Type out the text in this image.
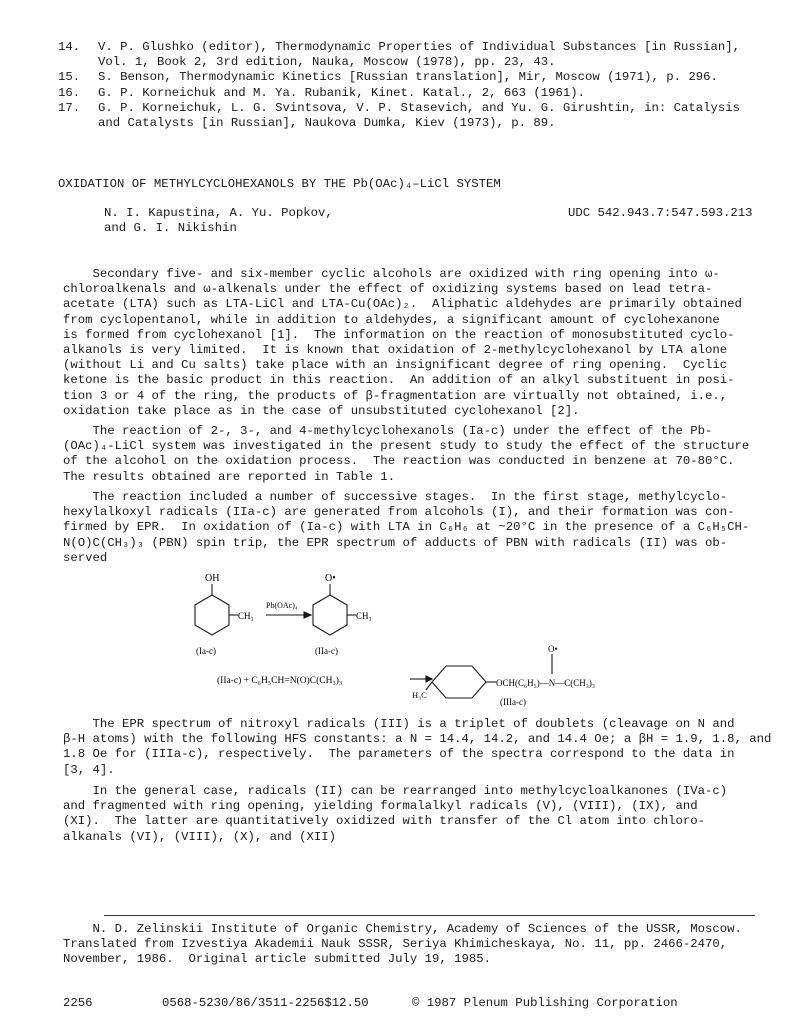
14.	V. P. Glushko (editor), Thermodynamic Properties of Individual Substances [in Russian],
Vol. 1, Book 2, 3rd edition, Nauka, Moscow (1978), pp. 23, 43.
15.	S. Benson, Thermodynamic Kinetics [Russian translation], Mir, Moscow (1971), p. 296.
16.	G. P. Korneichuk and M. Ya. Rubanik, Kinet. Katal., 2, 663 (1961).
17.	G. P. Korneichuk, L. G. Svintsova, V. P. Stasevich, and Yu. G. Girushtin, in: Catalysis
and Catalysts [in Russian], Naukova Dumka, Kiev (1973), p. 89.
OXIDATION OF METHYLCYCLOHEXANOLS BY THE Pb(OAc)₄–LiCl SYSTEM
N. I. Kapustina, A. Yu. Popkov,
and G. I. Nikishin
UDC 542.943.7:547.593.213

Secondary five- and six-member cyclic alcohols are oxidized with ring opening into ω-

chloroalkenals and ω-alkenals under the effect of oxidizing systems based on lead tetra-

acetate (LTA) such as LTA-LiCl and LTA-Cu(OAc)₂.  Aliphatic aldehydes are primarily obtained

from cyclopentanol, while in addition to aldehydes, a significant amount of cyclohexanone

is formed from cyclohexanol [1].  The information on the reaction of monosubstituted cyclo-

alkanols is very limited.  It is known that oxidation of 2-methylcyclohexanol by LTA alone

(without Li and Cu salts) take place with an insignificant degree of ring opening.  Cyclic

ketone is the basic product in this reaction.  An addition of an alkyl substituent in posi-

tion 3 or 4 of the ring, the products of β-fragmentation are virtually not obtained, i.e.,

oxidation take place as in the case of unsubstituted cyclohexanol [2].

The reaction of 2-, 3-, and 4-methylcyclohexanols (Ia-c) under the effect of the Pb-

(OAc)₄-LiCl system was investigated in the present study to study the effect of the structure

of the alcohol on the oxidation process.  The reaction was conducted in benzene at 70-80°C.

The results obtained are reported in Table 1.

The reaction included a number of successive stages.  In the first stage, methylcyclo-

hexylalkoxyl radicals (IIa-c) are generated from alcohols (I), and their formation was con-

firmed by EPR.  In oxidation of (Ia-c) with LTA in C₆H₆ at ~20°C in the presence of a C₆H₅CH-

N(O)C(CH₃)₃ (PBN) spin trip, the EPR spectrum of adducts of PBN with radicals (II) was ob-

served

OH
CH₃
Pb(OAc)₄
O•
CH₃
(Ia-c)	(IIa-c)
(IIa-c) + C₆H₅CH=N(O)C(CH₃)₃
H₃C
O•
OCH(C₆H₅)—N—C(CH₃)₃
(IIIa-c)

The EPR spectrum of nitroxyl radicals (III) is a triplet of doublets (cleavage on N and

β-H atoms) with the following HFS constants: a N = 14.4, 14.2, and 14.4 Oe; a βH = 1.9, 1.8, and

1.8 Oe for (IIIa-c), respectively.  The parameters of the spectra correspond to the data in

[3, 4].

In the general case, radicals (II) can be rearranged into methylcycloalkanones (IVa-c)

and fragmented with ring opening, yielding formalalkyl radicals (V), (VIII), (IX), and

(XI).  The latter are quantitatively oxidized with transfer of the Cl atom into chloro-

alkanals (VI), (VIII), (X), and (XII)

N. D. Zelinskii Institute of Organic Chemistry, Academy of Sciences of the USSR, Moscow.

Translated from Izvestiya Akademii Nauk SSSR, Seriya Khimicheskaya, No. 11, pp. 2466-2470,

November, 1986.  Original article submitted July 19, 1985.

2256	0568-5230/86/3511-2256$12.50	© 1987 Plenum Publishing Corporation
